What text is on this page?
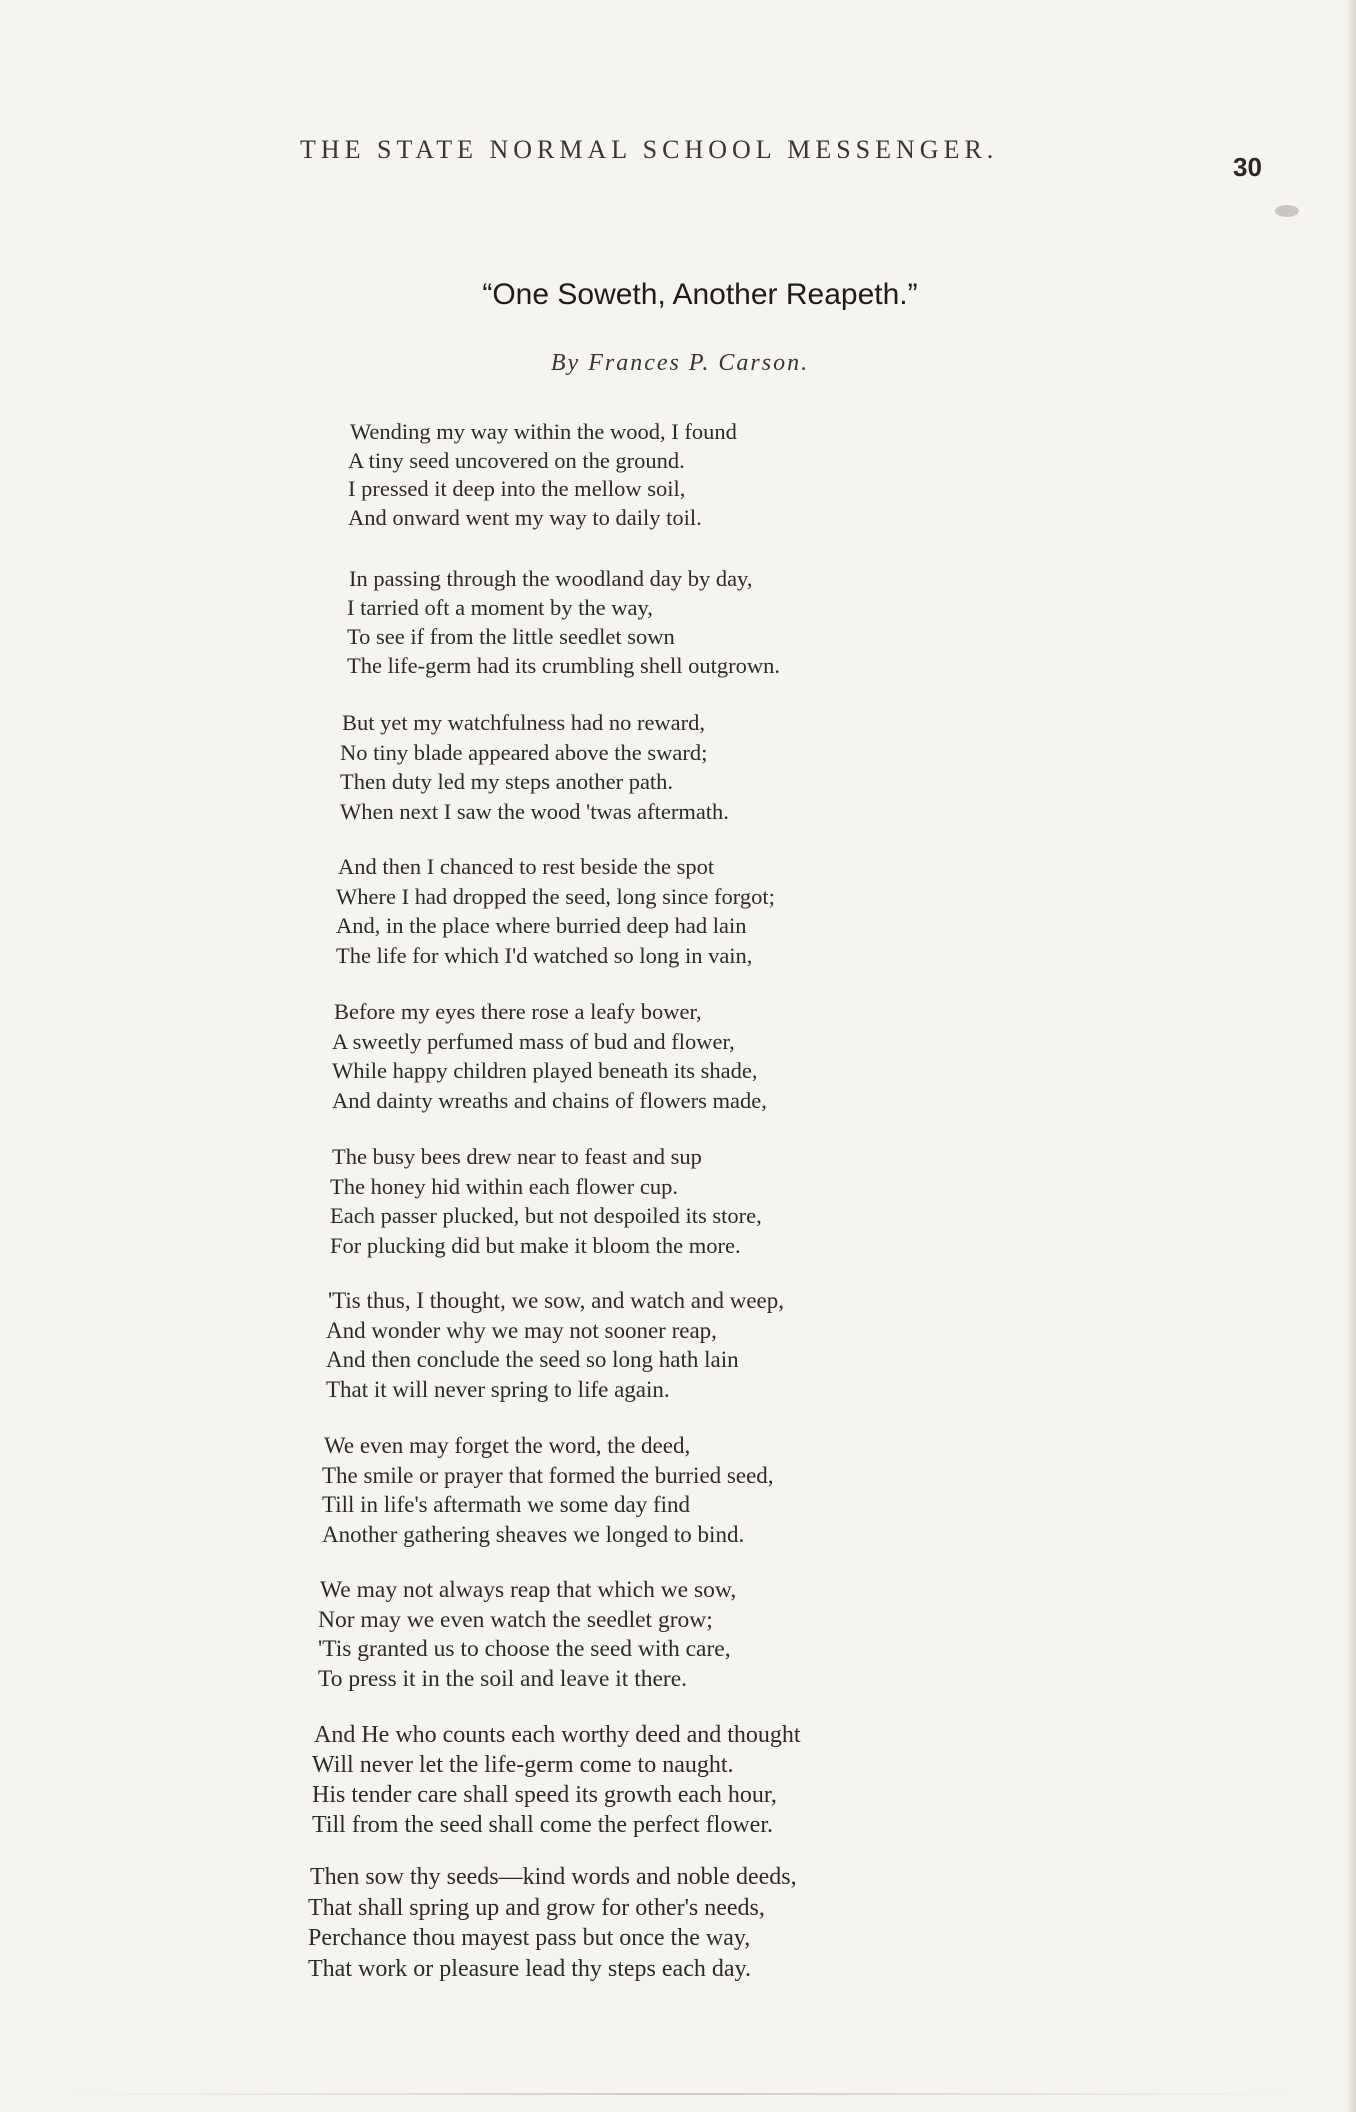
THE STATE NORMAL SCHOOL MESSENGER.
30
“One Soweth, Another Reapeth.”
By Frances P. Carson.
Wending my way within the wood, I found
A tiny seed uncovered on the ground.
I pressed it deep into the mellow soil,
And onward went my way to daily toil.
In passing through the woodland day by day,
I tarried oft a moment by the way,
To see if from the little seedlet sown
The life-germ had its crumbling shell outgrown.
But yet my watchfulness had no reward,
No tiny blade appeared above the sward;
Then duty led my steps another path.
When next I saw the wood 'twas aftermath.
And then I chanced to rest beside the spot
Where I had dropped the seed, long since forgot;
And, in the place where burried deep had lain
The life for which I'd watched so long in vain,
Before my eyes there rose a leafy bower,
A sweetly perfumed mass of bud and flower,
While happy children played beneath its shade,
And dainty wreaths and chains of flowers made,
The busy bees drew near to feast and sup
The honey hid within each flower cup.
Each passer plucked, but not despoiled its store,
For plucking did but make it bloom the more.
'Tis thus, I thought, we sow, and watch and weep,
And wonder why we may not sooner reap,
And then conclude the seed so long hath lain
That it will never spring to life again.
We even may forget the word, the deed,
The smile or prayer that formed the burried seed,
Till in life's aftermath we some day find
Another gathering sheaves we longed to bind.
We may not always reap that which we sow,
Nor may we even watch the seedlet grow;
'Tis granted us to choose the seed with care,
To press it in the soil and leave it there.
And He who counts each worthy deed and thought
Will never let the life-germ come to naught.
His tender care shall speed its growth each hour,
Till from the seed shall come the perfect flower.
Then sow thy seeds—kind words and noble deeds,
That shall spring up and grow for other's needs,
Perchance thou mayest pass but once the way,
That work or pleasure lead thy steps each day.
